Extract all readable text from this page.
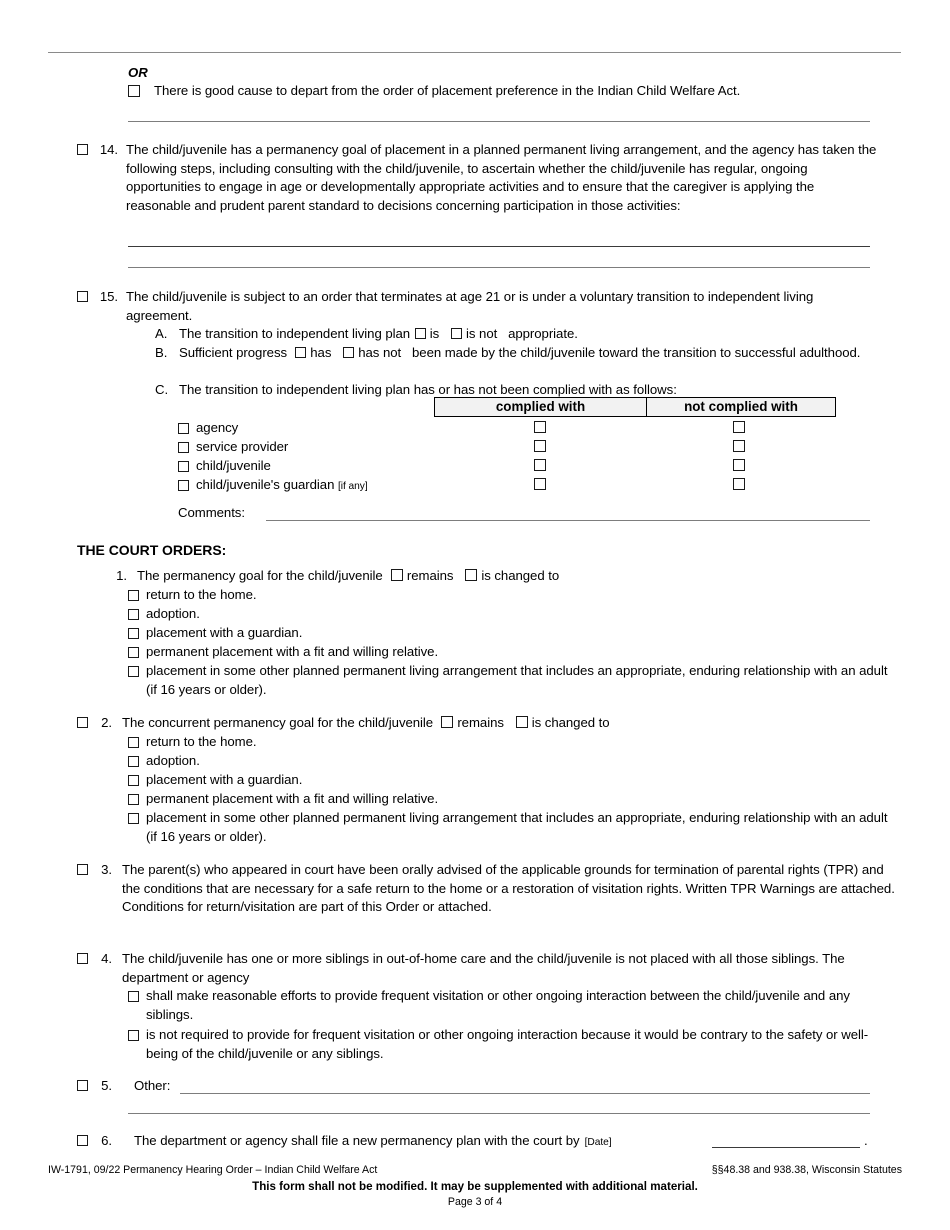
OR
There is good cause to depart from the order of placement preference in the Indian Child Welfare Act.
14. The child/juvenile has a permanency goal of placement in a planned permanent living arrangement, and the agency has taken the following steps, including consulting with the child/juvenile, to ascertain whether the child/juvenile has regular, ongoing opportunities to engage in age or developmentally appropriate activities and to ensure that the caregiver is applying the reasonable and prudent parent standard to decisions concerning participation in those activities:
15. The child/juvenile is subject to an order that terminates at age 21 or is under a voluntary transition to independent living agreement.
A. The transition to independent living plan is is not appropriate.
B. Sufficient progress has has not been made by the child/juvenile toward the transition to successful adulthood.
C. The transition to independent living plan has or has not been complied with as follows:
complied with	not complied with
agency
service provider
child/juvenile
child/juvenile's guardian [if any]
Comments:
THE COURT ORDERS:
1. The permanency goal for the child/juvenile remains is changed to
return to the home.
adoption.
placement with a guardian.
permanent placement with a fit and willing relative.
placement in some other planned permanent living arrangement that includes an appropriate, enduring relationship with an adult (if 16 years or older).
2. The concurrent permanency goal for the child/juvenile remains is changed to
return to the home.
adoption.
placement with a guardian.
permanent placement with a fit and willing relative.
placement in some other planned permanent living arrangement that includes an appropriate, enduring relationship with an adult (if 16 years or older).
3. The parent(s) who appeared in court have been orally advised of the applicable grounds for termination of parental rights (TPR) and the conditions that are necessary for a safe return to the home or a restoration of visitation rights. Written TPR Warnings are attached. Conditions for return/visitation are part of this Order or attached.
4. The child/juvenile has one or more siblings in out-of-home care and the child/juvenile is not placed with all those siblings. The department or agency
shall make reasonable efforts to provide frequent visitation or other ongoing interaction between the child/juvenile and any siblings.
is not required to provide for frequent visitation or other ongoing interaction because it would be contrary to the safety or well-being of the child/juvenile or any siblings.
5. Other:
6. The department or agency shall file a new permanency plan with the court by [Date]	.
IW-1791, 09/22 Permanency Hearing Order – Indian Child Welfare Act	§§48.38 and 938.38, Wisconsin Statutes
This form shall not be modified. It may be supplemented with additional material.
Page 3 of 4
